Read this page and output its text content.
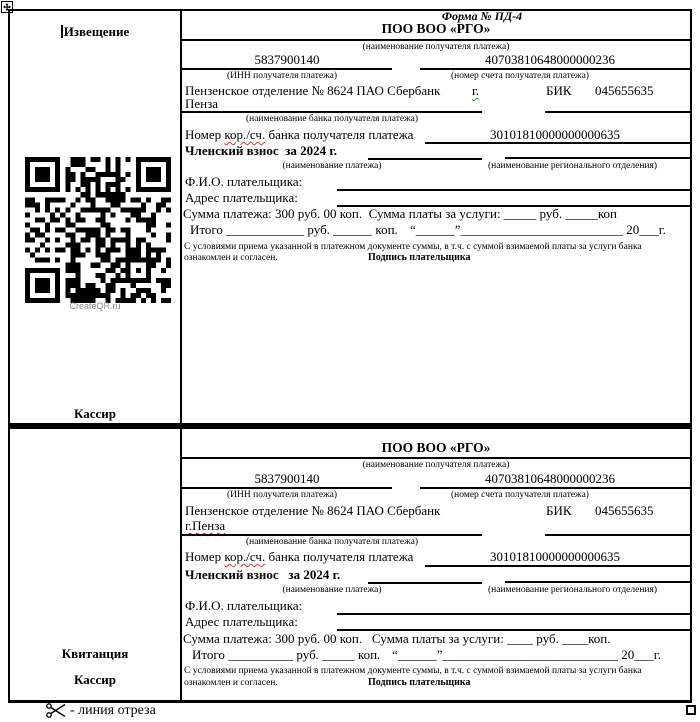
Извещение
CreateQR.ru
Кассир
Форма № ПД-4
ПОО ВОО «РГО»
(наименование получателя платежа)
5837900140	40703810648000000236
(ИНН получателя платежа)	(номер счета получателя платежа)
Пензенское отделение № 8624 ПАО Сбербанк г.	БИК 045655635
Пенза
(наименование банка получателя платежа)
Номер кор./сч. банка получателя платежа	30101810000000000635
Членский взнос  за 2024 г.
(наименование платежа)	(наименование регионального отделения)
Ф.И.О. плательщика:
Адрес плательщика:
Сумма платежа: 300 руб. 00 коп.  Сумма платы за услуги: _____ руб. _____коп
Итого ____________ руб. ______ коп. “______”_________________________ 20___г.
С условиями приема указанной в платежном документе суммы, в т.ч. с суммой взимаемой платы за услуги банка
ознакомлен и согласен.	Подпись плательщика
Квитанция
Кассир
ПОО ВОО «РГО»
(наименование получателя платежа)
5837900140	40703810648000000236
(ИНН получателя платежа)	(номер счета получателя платежа)
Пензенское отделение № 8624 ПАО Сбербанк	БИК 045655635
г.Пенза
(наименование банка получателя платежа)
Номер кор./сч. банка получателя платежа	30101810000000000635
Членский взнос   за 2024 г.
(наименование платежа)	(наименование регионального отделения)
Ф.И.О. плательщика:
Адрес плательщика:
Сумма платежа: 300 руб. 00 коп.   Сумма платы за услуги: ____ руб. ____коп.
Итого __________ руб. _____ коп. “______”___________________________ 20___г.
С условиями приема указанной в платежном документе суммы, в т.ч. с суммой взимаемой платы за услуги банка
ознакомлен и согласен.	Подпись плательщика
- линия отреза
